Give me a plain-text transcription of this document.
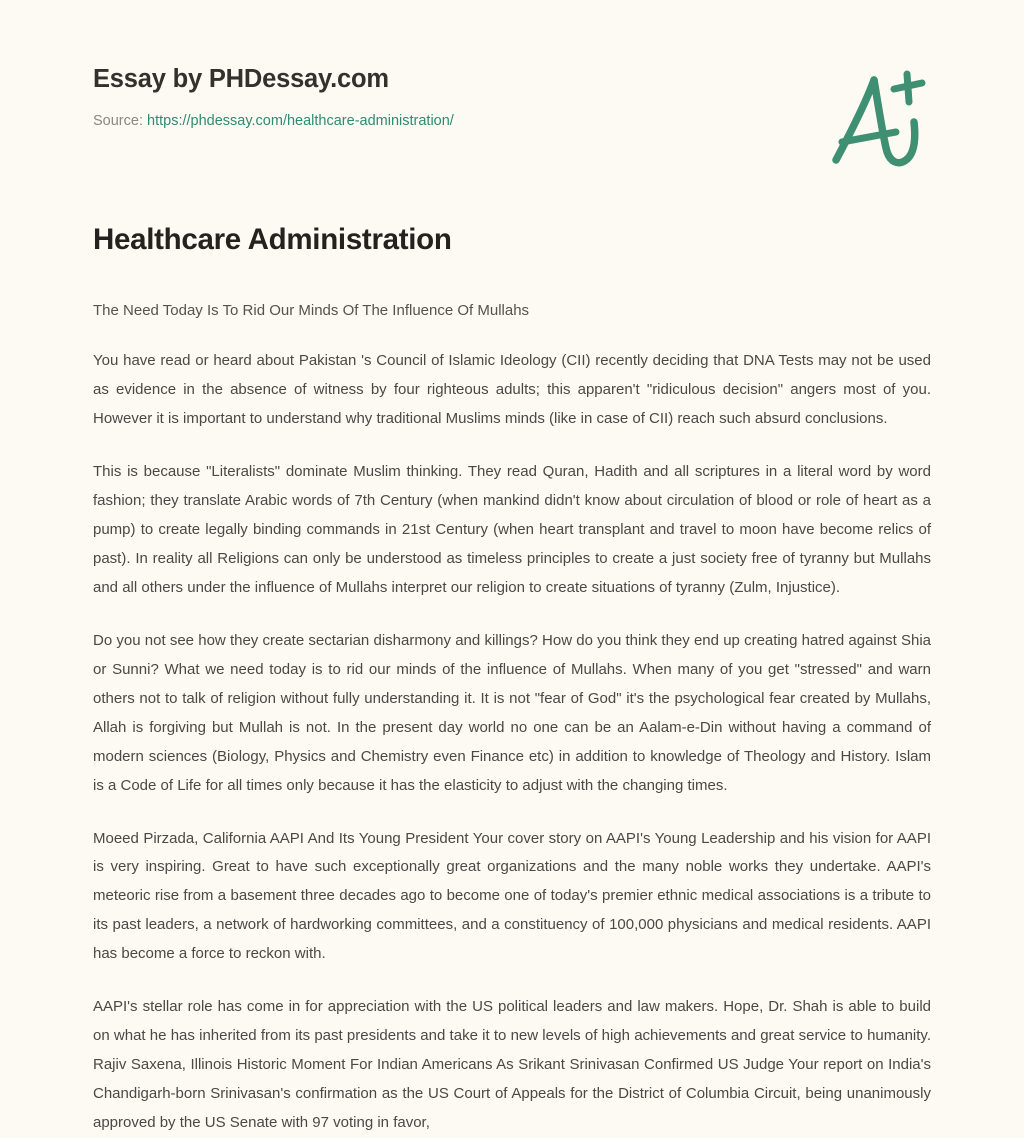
Essay by PHDessay.com
Source: https://phdessay.com/healthcare-administration/
Healthcare Administration
The Need Today Is To Rid Our Minds Of The Influence Of Mullahs

You have read or heard about Pakistan 's Council of Islamic Ideology (CII) recently deciding that DNA Tests may not be used as evidence in the absence of witness by four righteous adults; this apparen't "ridiculous decision" angers most of you. However it is important to understand why traditional Muslims minds (like in case of CII) reach such absurd conclusions.

This is because "Literalists" dominate Muslim thinking. They read Quran, Hadith and all scriptures in a literal word by word fashion; they translate Arabic words of 7th Century (when mankind didn't know about circulation of blood or role of heart as a pump) to create legally binding commands in 21st Century (when heart transplant and travel to moon have become relics of past). In reality all Religions can only be understood as timeless principles to create a just society free of tyranny but Mullahs and all others under the influence of Mullahs interpret our religion to create situations of tyranny (Zulm, Injustice).

Do you not see how they create sectarian disharmony and killings? How do you think they end up creating hatred against Shia or Sunni? What we need today is to rid our minds of the influence of Mullahs. When many of you get "stressed" and warn others not to talk of religion without fully understanding it. It is not "fear of God" it's the psychological fear created by Mullahs, Allah is forgiving but Mullah is not. In the present day world no one can be an Aalam-e-Din without having a command of modern sciences (Biology, Physics and Chemistry even Finance etc) in addition to knowledge of Theology and History. Islam is a Code of Life for all times only because it has the elasticity to adjust with the changing times.

Moeed Pirzada, California AAPI And Its Young President Your cover story on AAPI's Young Leadership and his vision for AAPI is very inspiring. Great to have such exceptionally great organizations and the many noble works they undertake. AAPI's meteoric rise from a basement three decades ago to become one of today's premier ethnic medical associations is a tribute to its past leaders, a network of hardworking committees, and a constituency of 100,000 physicians and medical residents. AAPI has become a force to reckon with.

AAPI's stellar role has come in for appreciation with the US political leaders and law makers. Hope, Dr. Shah is able to build on what he has inherited from its past presidents and take it to new levels of high achievements and great service to humanity. Rajiv Saxena, Illinois Historic Moment For Indian Americans As Srikant Srinivasan Confirmed US Judge Your report on India's Chandigarh-born Srinivasan's confirmation as the US Court of Appeals for the District of Columbia Circuit, being unanimously approved by the US Senate with 97 voting in favor,
